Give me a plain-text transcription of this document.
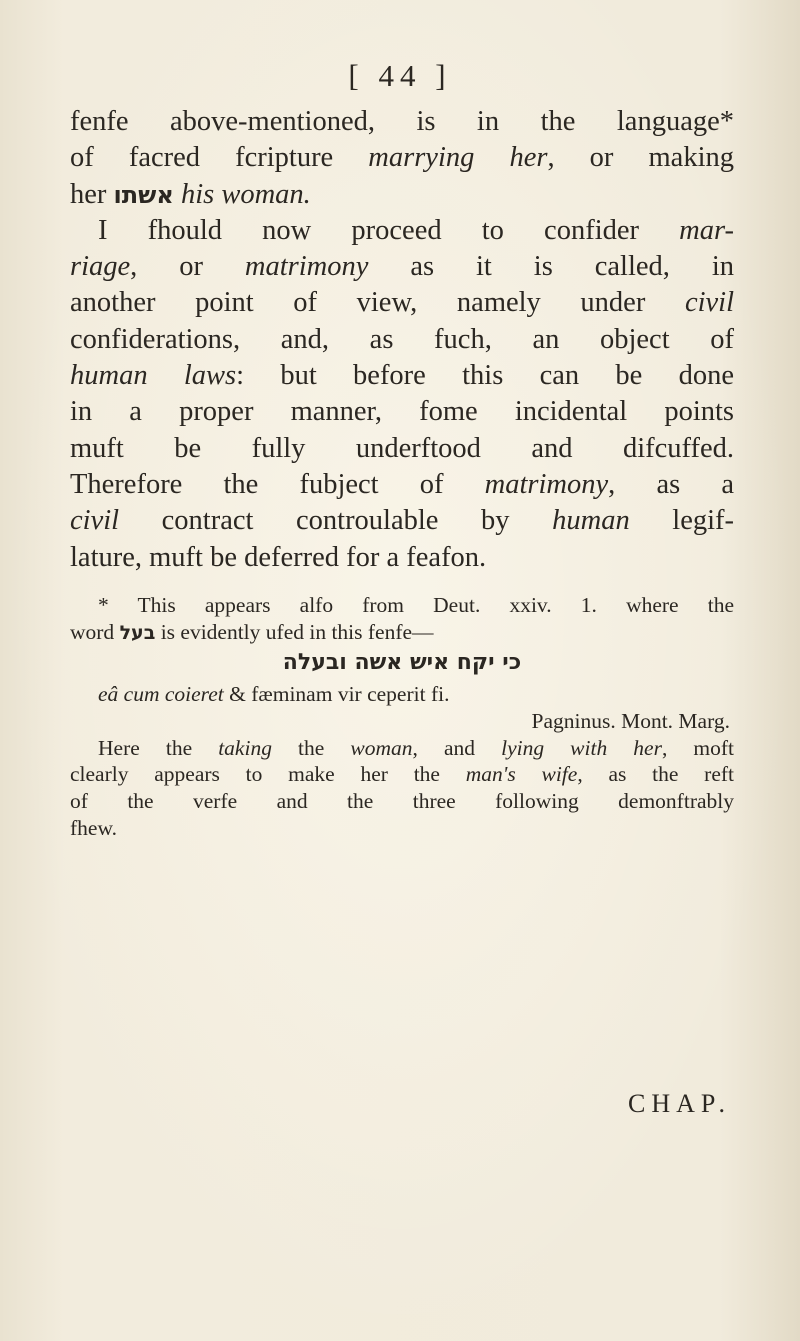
[ 44 ]
fenfe above-mentioned, is in the language*
of facred fcripture marrying her, or making
her אשתו his woman.
I fhould now proceed to confider mar-
riage, or matrimony as it is called, in
another point of view, namely under civil
confiderations, and, as fuch, an object of
human laws: but before this can be done
in a proper manner, fome incidental points
muft be fully underftood and difcuffed.
Therefore the fubject of matrimony, as a
civil contract controulable by human legif-
lature, muft be deferred for a feafon.
* This appears alfo from Deut. xxiv. 1. where the
word בעל is evidently ufed in this fenfe—
כי יקח איש אשה ובעלה
eâ cum coieret & fæminam vir ceperit fi.
Pagninus. Mont. Marg.
Here the taking the woman, and lying with her, moft
clearly appears to make her the man's wife, as the reft
of the verfe and the three following demonftrably
fhew.
CHAP.
